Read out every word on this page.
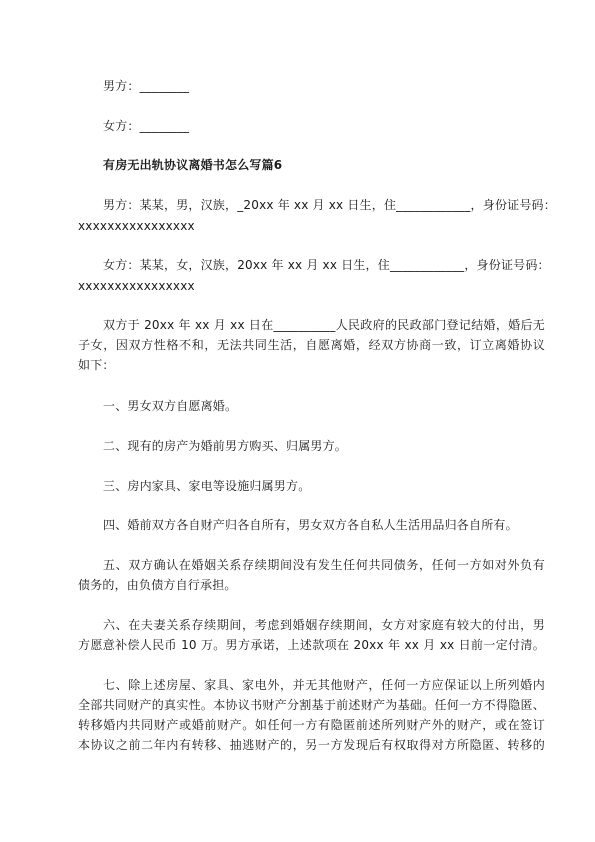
男方：________
女方：________
有房无出轨协议离婚书怎么写篇6
男方：某某，男，汉族，_20xx 年 xx 月 xx 日生，住____________，身份证号码：
xxxxxxxxxxxxxxxx
女方：某某，女，汉族，20xx 年 xx 月 xx 日生，住____________，身份证号码：
xxxxxxxxxxxxxxxx
双方于 20xx 年 xx 月 xx 日在__________人民政府的民政部门登记结婚，婚后无
子女，因双方性格不和，无法共同生活，自愿离婚，经双方协商一致，订立离婚协议
如下：
一、男女双方自愿离婚。
二、现有的房产为婚前男方购买、归属男方。
三、房内家具、家电等设施归属男方。
四、婚前双方各自财产归各自所有，男女双方各自私人生活用品归各自所有。
五、双方确认在婚姻关系存续期间没有发生任何共同债务，任何一方如对外负有
债务的，由负债方自行承担。
六、在夫妻关系存续期间，考虑到婚姻存续期间，女方对家庭有较大的付出，男
方愿意补偿人民币 10 万。男方承诺，上述款项在 20xx 年 xx 月 xx 日前一定付清。
七、除上述房屋、家具、家电外，并无其他财产，任何一方应保证以上所列婚内
全部共同财产的真实性。本协议书财产分割基于前述财产为基础。任何一方不得隐匿、
转移婚内共同财产或婚前财产。如任何一方有隐匿前述所列财产外的财产，或在签订
本协议之前二年内有转移、抽逃财产的，另一方发现后有权取得对方所隐匿、转移的
